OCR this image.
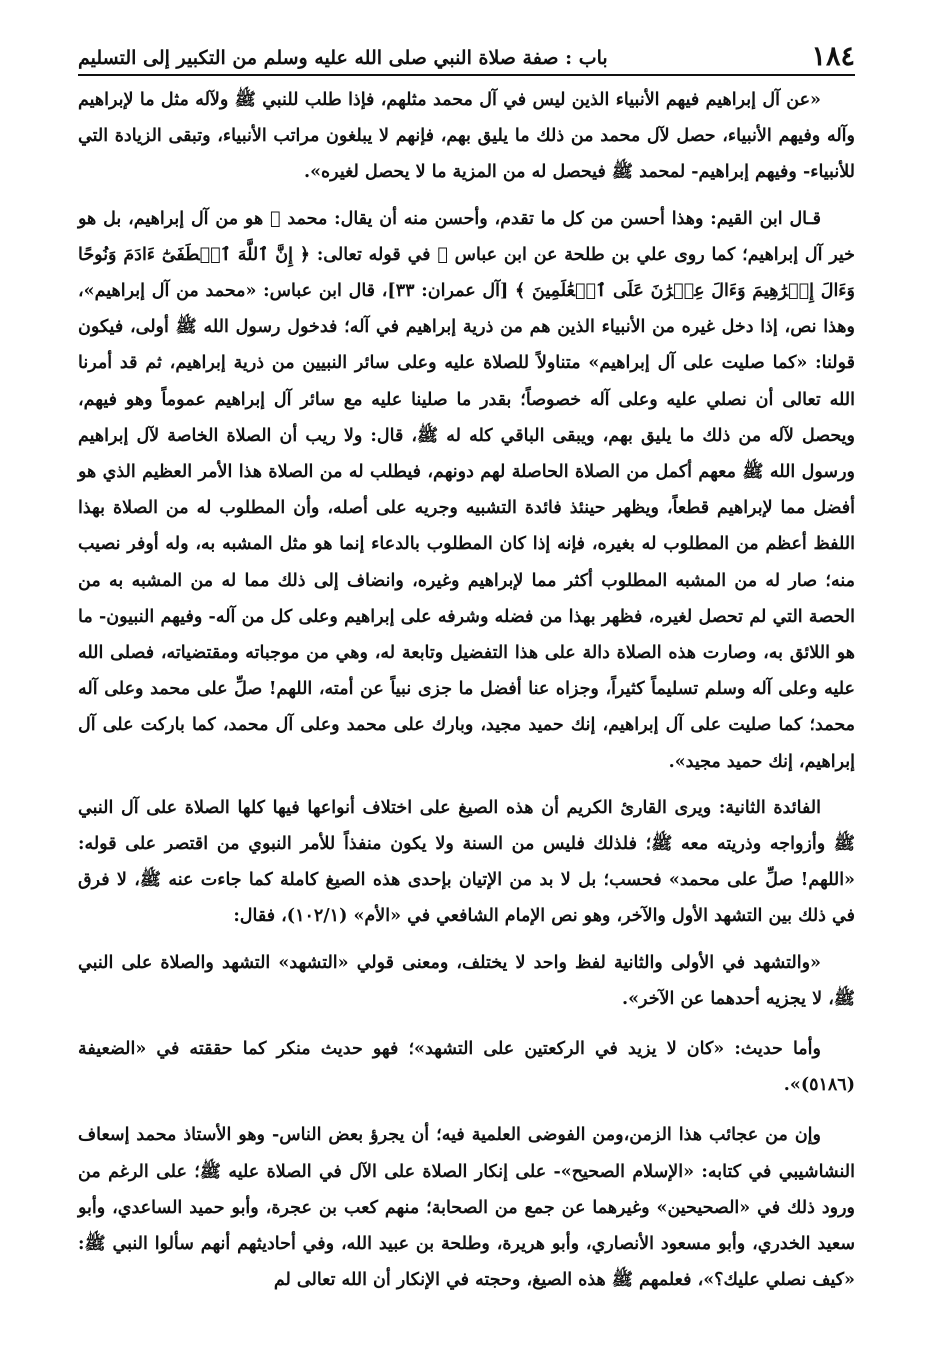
١٨٤
باب : صفة صلاة النبي صلى الله عليه وسلم من التكبير إلى التسليم

«عن آل إبراهيم فيهم الأنبياء الذين ليس في آل محمد مثلهم، فإذا طلب للنبي ﷺ ولآله مثل ما لإبراهيم وآله وفيهم الأنبياء، حصل لآل محمد من ذلك ما يليق بهم، فإنهم لا يبلغون مراتب الأنبياء، وتبقى الزيادة التي للأنبياء- وفيهم إبراهيم- لمحمد ﷺ فيحصل له من المزية ما لا يحصل لغيره».

قـال ابن القيم: وهذا أحسن من كل ما تقدم، وأحسن منه أن يقال: محمد ﷺ هو من آل إبراهيم، بل هو خير آل إبراهيم؛ كما روى علي بن طلحة عن ابن عباس ﷺ في قوله تعالى: ﴿ إِنَّ ٱللَّهَ ٱصۡطَفَىٰٓ ءَادَمَ وَنُوحًا وَءَالَ إِبۡرَٰهِيمَ وَءَالَ عِمۡرَٰنَ عَلَى ٱلۡعَٰلَمِينَ ﴾ [آل عمران: ٣٣]، قال ابن عباس: «محمد من آل إبراهيم»، وهذا نص، إذا دخل غيره من الأنبياء الذين هم من ذرية إبراهيم في آله؛ فدخول رسول الله ﷺ أولى، فيكون قولنا: «كما صليت على آل إبراهيم» متناولاً للصلاة عليه وعلى سائر النبيين من ذرية إبراهيم، ثم قد أمرنا الله تعالى أن نصلي عليه وعلى آله خصوصاً؛ بقدر ما صلينا عليه مع سائر آل إبراهيم عموماً وهو فيهم، ويحصل لآله من ذلك ما يليق بهم، ويبقى الباقي كله له ﷺ، قال: ولا ريب أن الصلاة الخاصة لآل إبراهيم ورسول الله ﷺ معهم أكمل من الصلاة الحاصلة لهم دونهم، فيطلب له من الصلاة هذا الأمر العظيم الذي هو أفضل مما لإبراهيم قطعاً، ويظهر حينئذ فائدة التشبيه وجريه على أصله، وأن المطلوب له من الصلاة بهذا اللفظ أعظم من المطلوب له بغيره، فإنه إذا كان المطلوب بالدعاء إنما هو مثل المشبه به، وله أوفر نصيب منه؛ صار له من المشبه المطلوب أكثر مما لإبراهيم وغيره، وانضاف إلى ذلك مما له من المشبه به من الحصة التي لم تحصل لغيره، فظهر بهذا من فضله وشرفه على إبراهيم وعلى كل من آله- وفيهم النبيون- ما هو اللائق به، وصارت هذه الصلاة دالة على هذا التفضيل وتابعة له، وهي من موجباته ومقتضياته، فصلى الله عليه وعلى آله وسلم تسليماً كثيراً، وجزاه عنا أفضل ما جزى نبياً عن أمته، اللهم! صلِّ على محمد وعلى آله محمد؛ كما صليت على آل إبراهيم، إنك حميد مجيد، وبارك على محمد وعلى آل محمد، كما باركت على آل إبراهيم، إنك حميد مجيد».

الفائدة الثانية: ويرى القارئ الكريم أن هذه الصيغ على اختلاف أنواعها فيها كلها الصلاة على آل النبي ﷺ وأزواجه وذريته معه ﷺ؛ فلذلك فليس من السنة ولا يكون منفذاً للأمر النبوي من اقتصر على قوله: «اللهم! صلِّ على محمد» فحسب؛ بل لا بد من الإتيان بإحدى هذه الصيغ كاملة كما جاءت عنه ﷺ، لا فرق في ذلك بين التشهد الأول والآخر، وهو نص الإمام الشافعي في «الأم» (١٠٢/١)، فقال:

«والتشهد في الأولى والثانية لفظ واحد لا يختلف، ومعنى قولي «التشهد» التشهد والصلاة على النبي ﷺ، لا يجزيه أحدهما عن الآخر».

وأما حديث: «كان لا يزيد في الركعتين على التشهد»؛ فهو حديث منكر كما حققته في «الضعيفة (٥١٨٦)».

وإن من عجائب هذا الزمن،ومن الفوضى العلمية فيه؛ أن يجرؤ بعض الناس- وهو الأستاذ محمد إسعاف النشاشيبي في كتابه: «الإسلام الصحيح»- على إنكار الصلاة على الآل في الصلاة عليه ﷺ؛ على الرغم من ورود ذلك في «الصحيحين» وغيرهما عن جمع من الصحابة؛ منهم كعب بن عجرة، وأبو حميد الساعدي، وأبو سعيد الخدري، وأبو مسعود الأنصاري، وأبو هريرة، وطلحة بن عبيد الله، وفي أحاديثهم أنهم سألوا النبي ﷺ: «كيف نصلي عليك؟»، فعلمهم ﷺ هذه الصيغ، وحجته في الإنكار أن الله تعالى لم
